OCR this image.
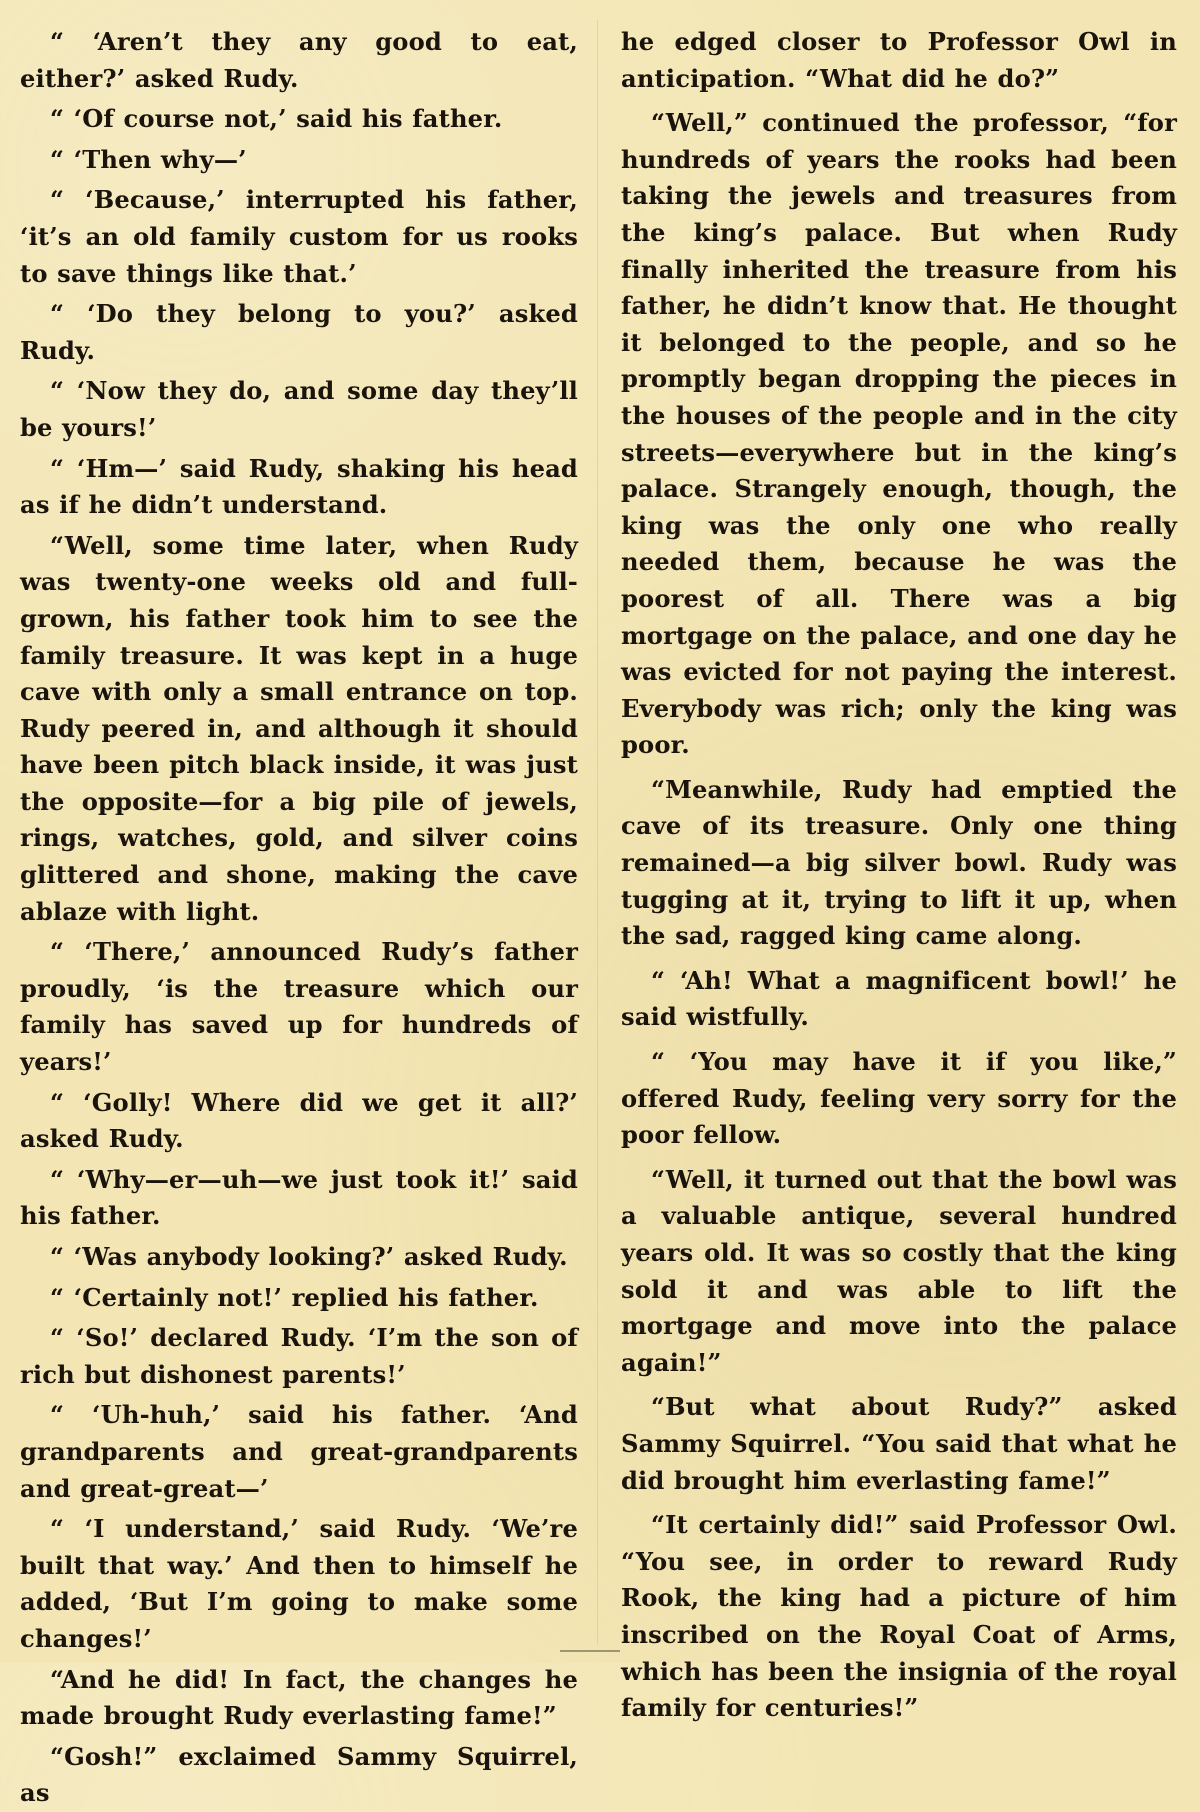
“ ‘Aren’t they any good to eat, either?’ asked Rudy.

“ ‘Of course not,’ said his father.

“ ‘Then why—’

“ ‘Because,’ interrupted his father, ‘it’s an old family custom for us rooks to save things like that.’

“ ‘Do they belong to you?’ asked Rudy.

“ ‘Now they do, and some day they’ll be yours!’

“ ‘Hm—’ said Rudy, shaking his head as if he didn’t understand.

“Well, some time later, when Rudy was twenty-one weeks old and full-grown, his father took him to see the family treasure. It was kept in a huge cave with only a small entrance on top. Rudy peered in, and although it should have been pitch black inside, it was just the opposite—for a big pile of jewels, rings, watches, gold, and silver coins glittered and shone, making the cave ablaze with light.

“ ‘There,’ announced Rudy’s father proudly, ‘is the treasure which our family has saved up for hundreds of years!’

“ ‘Golly! Where did we get it all?’ asked Rudy.

“ ‘Why—er—uh—we just took it!’ said his father.

“ ‘Was anybody looking?’ asked Rudy.

“ ‘Certainly not!’ replied his father.

“ ‘So!’ declared Rudy. ‘I’m the son of rich but dishonest parents!’

“ ‘Uh-huh,’ said his father. ‘And grandparents and great-grandparents and great-great—’

“ ‘I understand,’ said Rudy. ‘We’re built that way.’ And then to himself he added, ‘But I’m going to make some changes!’

“And he did! In fact, the changes he made brought Rudy everlasting fame!”

“Gosh!” exclaimed Sammy Squirrel, as

he edged closer to Professor Owl in anticipation. “What did he do?”

“Well,” continued the professor, “for hundreds of years the rooks had been taking the jewels and treasures from the king’s palace. But when Rudy finally inherited the treasure from his father, he didn’t know that. He thought it belonged to the people, and so he promptly began dropping the pieces in the houses of the people and in the city streets—everywhere but in the king’s palace. Strangely enough, though, the king was the only one who really needed them, because he was the poorest of all. There was a big mortgage on the palace, and one day he was evicted for not paying the interest. Everybody was rich; only the king was poor.

“Meanwhile, Rudy had emptied the cave of its treasure. Only one thing remained—a big silver bowl. Rudy was tugging at it, trying to lift it up, when the sad, ragged king came along.

“ ‘Ah! What a magnificent bowl!’ he said wistfully.

“ ‘You may have it if you like,” offered Rudy, feeling very sorry for the poor fellow.

“Well, it turned out that the bowl was a valuable antique, several hundred years old. It was so costly that the king sold it and was able to lift the mortgage and move into the palace again!”

“But what about Rudy?” asked Sammy Squirrel. “You said that what he did brought him everlasting fame!”

“It certainly did!” said Professor Owl. “You see, in order to reward Rudy Rook, the king had a picture of him inscribed on the Royal Coat of Arms, which has been the insignia of the royal family for centuries!”
